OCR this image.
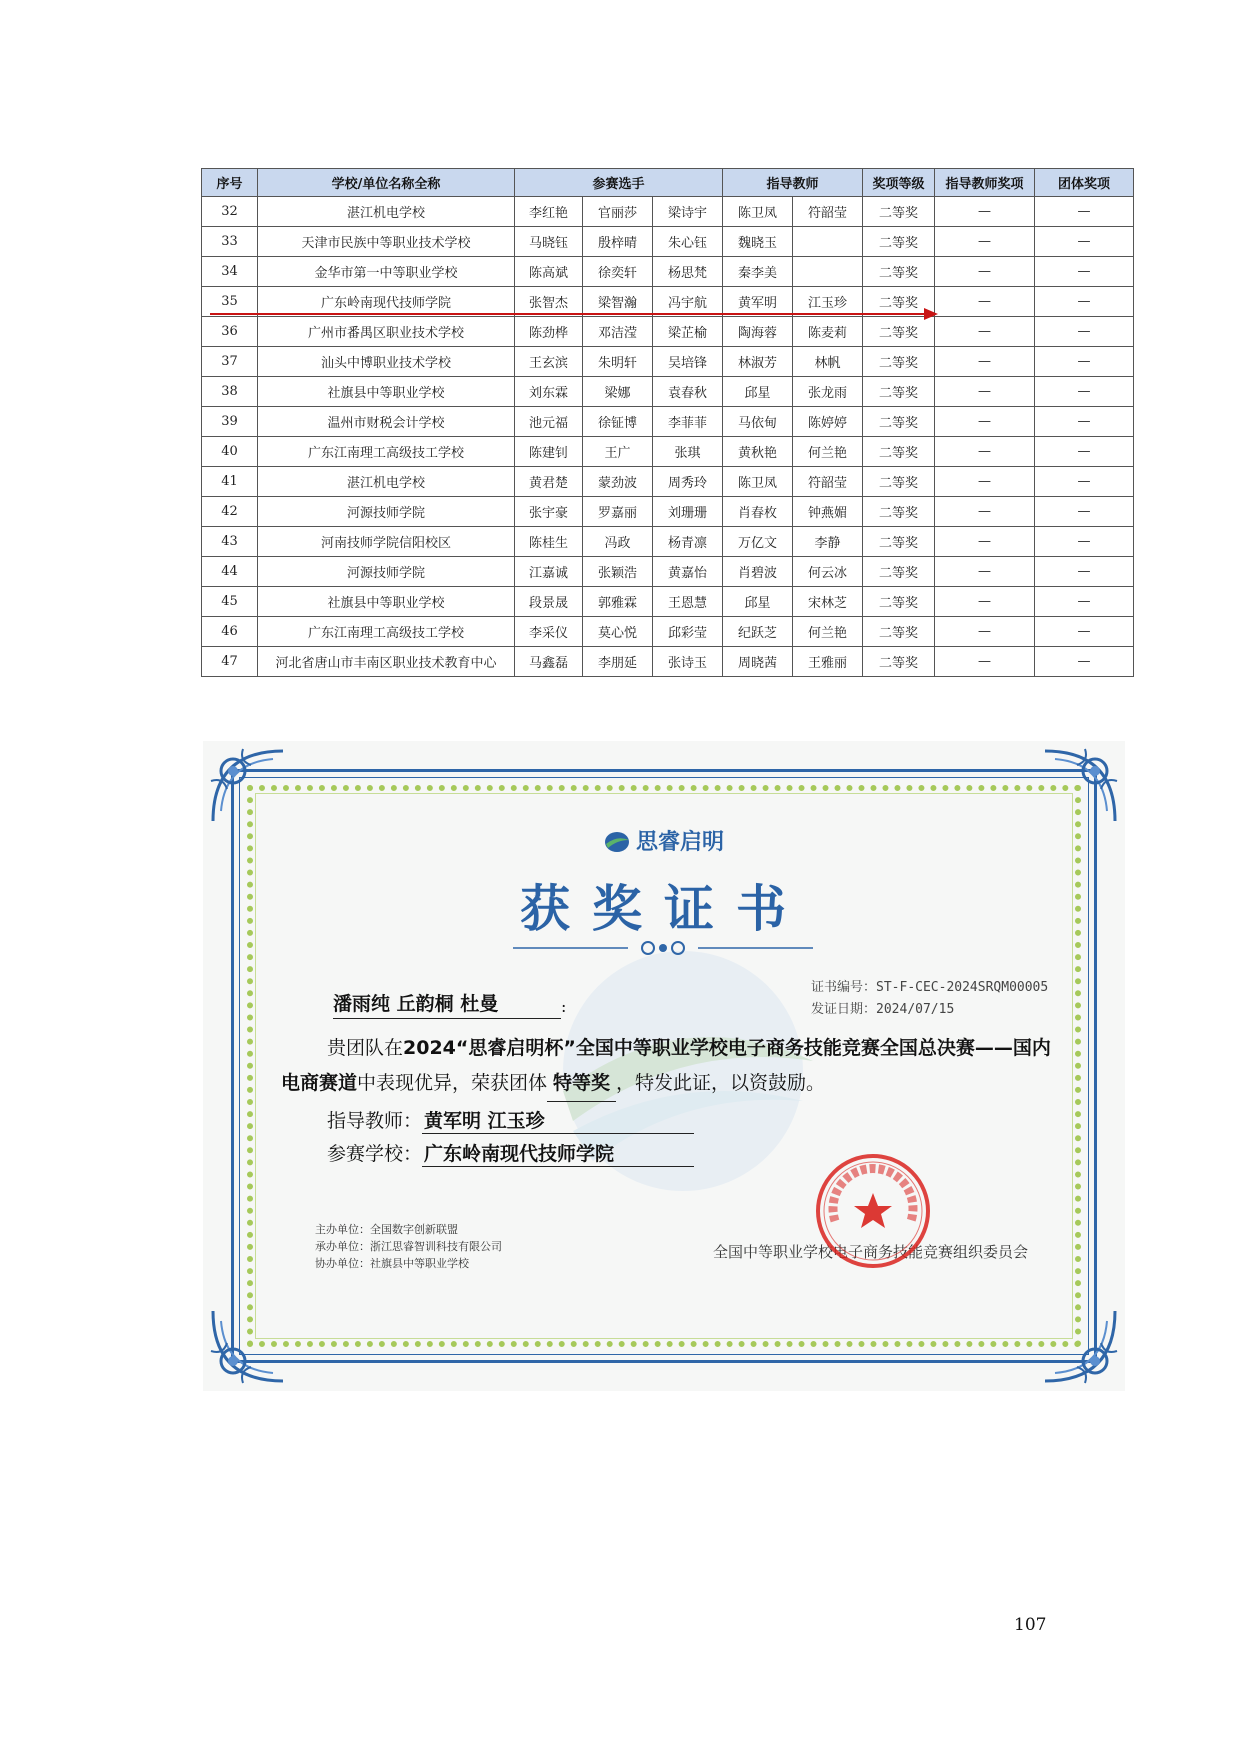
序号	学校/单位名称全称	参赛选手			指导教师		奖项等级	指导教师奖项	团体奖项
32	湛江机电学校	李红艳	官丽莎	梁诗宇	陈卫凤	符韶莹	二等奖	—	—
33	天津市民族中等职业技术学校	马晓钰	殷梓晴	朱心钰	魏晓玉		二等奖	—	—
34	金华市第一中等职业学校	陈高斌	徐奕轩	杨思梵	秦李美		二等奖	—	—
35	广东岭南现代技师学院	张智杰	梁智瀚	冯宇航	黄军明	江玉珍	二等奖	—	—
36	广州市番禺区职业技术学校	陈劲桦	邓洁滢	梁芷榆	陶海蓉	陈麦莉	二等奖	—	—
37	汕头中博职业技术学校	王玄滨	朱明轩	吴培锋	林淑芳	林帆	二等奖	—	—
38	社旗县中等职业学校	刘东霖	梁娜	袁春秋	邱星	张龙雨	二等奖	—	—
39	温州市财税会计学校	池元福	徐钲博	李菲菲	马依甸	陈婷婷	二等奖	—	—
40	广东江南理工高级技工学校	陈建钊	王广	张琪	黄秋艳	何兰艳	二等奖	—	—
41	湛江机电学校	黄君楚	蒙劲波	周秀玲	陈卫凤	符韶莹	二等奖	—	—
42	河源技师学院	张宇豪	罗嘉丽	刘珊珊	肖春枚	钟燕媚	二等奖	—	—
43	河南技师学院信阳校区	陈桂生	冯政	杨青凛	万亿文	李静	二等奖	—	—
44	河源技师学院	江嘉诚	张颖浩	黄嘉怡	肖碧波	何云冰	二等奖	—	—
45	社旗县中等职业学校	段景晟	郭雅霖	王恩慧	邱星	宋林芝	二等奖	—	—
46	广东江南理工高级技工学校	李采仪	莫心悦	邱彩莹	纪跃芝	何兰艳	二等奖	—	—
47	河北省唐山市丰南区职业技术教育中心	马鑫磊	李朋延	张诗玉	周晓茜	王雅丽	二等奖	—	—
思睿启明
获奖证书
证书编号：ST-F-CEC-2024SRQM00005
发证日期：2024/07/15
潘雨纯 丘韵桐 杜曼	:
贵团队在2024“思睿启明杯”全国中等职业学校电子商务技能竞赛全国总决赛——国内电商赛道中表现优异，荣获团体 特等奖 ，特发此证，以资鼓励。
指导教师： 黄军明 江玉珍
参赛学校： 广东岭南现代技师学院
主办单位：全国数字创新联盟
承办单位：浙江思睿智训科技有限公司
协办单位：社旗县中等职业学校
全国中等职业学校电子商务技能竞赛组织委员会
107
